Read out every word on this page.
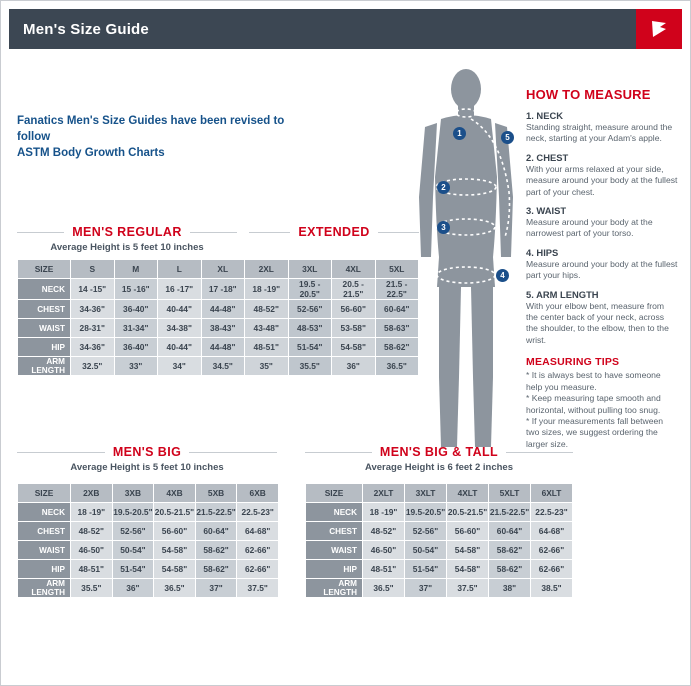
Men's Size Guide
Fanatics Men's Size Guides have been revised to follow
ASTM Body Growth Charts
1
2
3
4
5
HOW TO MEASURE
1. NECK

Standing straight, measure around the neck, starting at your Adam's apple.

2. CHEST

With your arms relaxed at your side, measure around your body at the fullest part of your chest.

3. WAIST

Measure around your body at the narrowest part of your torso.

4. HIPS

Measure around your body at the fullest part your hips.

5. ARM LENGTH

With your elbow bent, measure from the center back of your neck, across the shoulder, to the elbow, then to the wrist.

MEASURING TIPS
* It is always best to have someone help you measure.
* Keep measuring tape smooth and horizontal, without pulling too snug.
* If your measurements fall between two sizes, we suggest ordering the larger size.
MEN'S REGULAR
Average Height is 5 feet 10 inches
EXTENDED
SIZE	S	M	L	XL	2XL	3XL	4XL	5XL
NECK	14 -15"	15 -16"	16 -17"	17 -18"	18 -19"	19.5 - 20.5"	20.5 - 21.5"	21.5 - 22.5"
CHEST	34-36"	36-40"	40-44"	44-48"	48-52"	52-56"	56-60"	60-64"
WAIST	28-31"	31-34"	34-38"	38-43"	43-48"	48-53"	53-58"	58-63"
HIP	34-36"	36-40"	40-44"	44-48"	48-51"	51-54"	54-58"	58-62"
ARM LENGTH	32.5"	33"	34"	34.5"	35"	35.5"	36"	36.5"
MEN'S BIG
Average Height is 5 feet 10 inches
SIZE	2XB	3XB	4XB	5XB	6XB
NECK	18 -19"	19.5-20.5"	20.5-21.5"	21.5-22.5"	22.5-23"
CHEST	48-52"	52-56"	56-60"	60-64"	64-68"
WAIST	46-50"	50-54"	54-58"	58-62"	62-66"
HIP	48-51"	51-54"	54-58"	58-62"	62-66"
ARM LENGTH	35.5"	36"	36.5"	37"	37.5"
MEN'S BIG & TALL
Average Height is 6 feet 2 inches
SIZE	2XLT	3XLT	4XLT	5XLT	6XLT
NECK	18 -19"	19.5-20.5"	20.5-21.5"	21.5-22.5"	22.5-23"
CHEST	48-52"	52-56"	56-60"	60-64"	64-68"
WAIST	46-50"	50-54"	54-58"	58-62"	62-66"
HIP	48-51"	51-54"	54-58"	58-62"	62-66"
ARM LENGTH	36.5"	37"	37.5"	38"	38.5"
